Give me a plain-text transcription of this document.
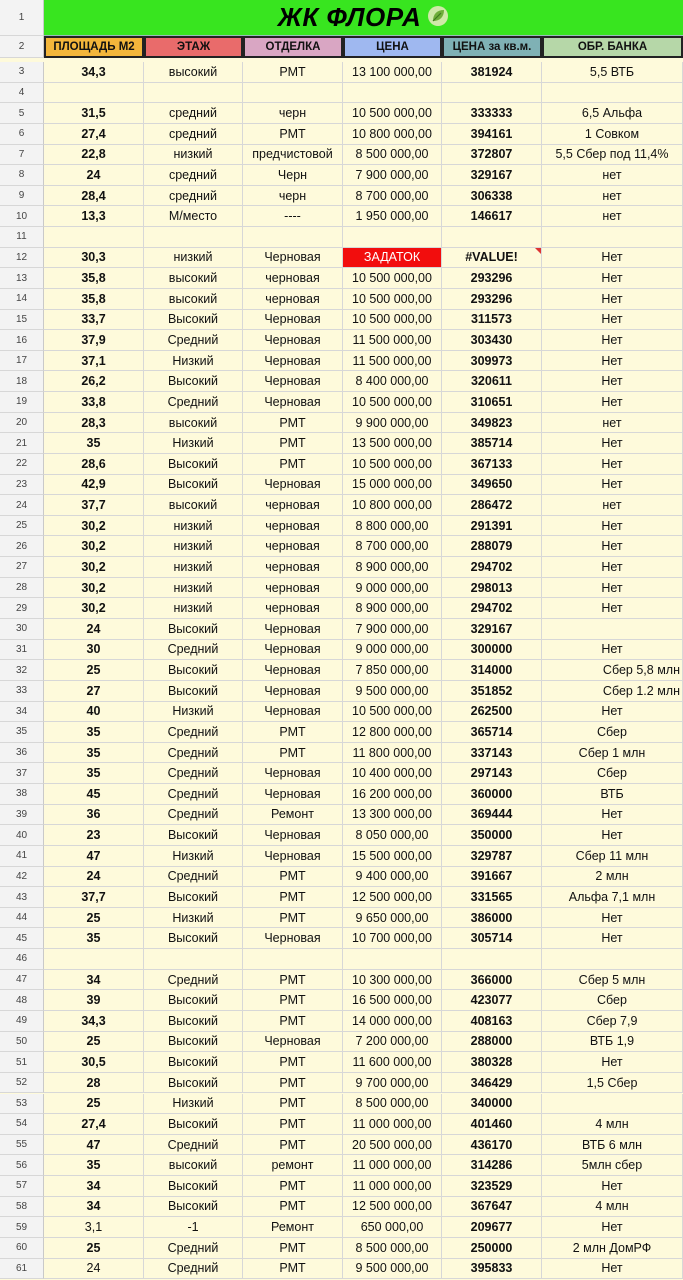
1	ЖК ФЛОРА
2	ПЛОЩАДЬ М2	ЭТАЖ	ОТДЕЛКА	ЦЕНА	ЦЕНА за кв.м.	ОБР. БАНКА
3	34,3	высокий	РМТ	13 100 000,00	381924	5,5 ВТБ
4
5	31,5	средний	черн	10 500 000,00	333333	6,5 Альфа
6	27,4	средний	РМТ	10 800 000,00	394161	1 Совком
7	22,8	низкий	предчистовой	8 500 000,00	372807	5,5 Сбер под 11,4%
8	24	средний	Черн	7 900 000,00	329167	нет
9	28,4	средний	черн	8 700 000,00	306338	нет
10	13,3	М/место	----	1 950 000,00	146617	нет
11
12	30,3	низкий	Черновая	ЗАДАТОК	#VALUE!	Нет
13	35,8	высокий	черновая	10 500 000,00	293296	Нет
14	35,8	высокий	черновая	10 500 000,00	293296	Нет
15	33,7	Высокий	Черновая	10 500 000,00	311573	Нет
16	37,9	Средний	Черновая	11 500 000,00	303430	Нет
17	37,1	Низкий	Черновая	11 500 000,00	309973	Нет
18	26,2	Высокий	Черновая	8 400 000,00	320611	Нет
19	33,8	Средний	Черновая	10 500 000,00	310651	Нет
20	28,3	высокий	РМТ	9 900 000,00	349823	нет
21	35	Низкий	РМТ	13 500 000,00	385714	Нет
22	28,6	Высокий	РМТ	10 500 000,00	367133	Нет
23	42,9	Высокий	Черновая	15 000 000,00	349650	Нет
24	37,7	высокий	черновая	10 800 000,00	286472	нет
25	30,2	низкий	черновая	8 800 000,00	291391	Нет
26	30,2	низкий	черновая	8 700 000,00	288079	Нет
27	30,2	низкий	черновая	8 900 000,00	294702	Нет
28	30,2	низкий	черновая	9 000 000,00	298013	Нет
29	30,2	низкий	черновая	8 900 000,00	294702	Нет
30	24	Высокий	Черновая	7 900 000,00	329167
31	30	Средний	Черновая	9 000 000,00	300000	Нет
32	25	Высокий	Черновая	7 850 000,00	314000	Сбер 5,8 млн
33	27	Высокий	Черновая	9 500 000,00	351852	Сбер 1.2 млн
34	40	Низкий	Черновая	10 500 000,00	262500	Нет
35	35	Средний	РМТ	12 800 000,00	365714	Сбер
36	35	Средний	РМТ	11 800 000,00	337143	Сбер 1 млн
37	35	Средний	Черновая	10 400 000,00	297143	Сбер
38	45	Средний	Черновая	16 200 000,00	360000	ВТБ
39	36	Средний	Ремонт	13 300 000,00	369444	Нет
40	23	Высокий	Черновая	8 050 000,00	350000	Нет
41	47	Низкий	Черновая	15 500 000,00	329787	Сбер 11 млн
42	24	Средний	РМТ	9 400 000,00	391667	2 млн
43	37,7	Высокий	РМТ	12 500 000,00	331565	Альфа 7,1 млн
44	25	Низкий	РМТ	9 650 000,00	386000	Нет
45	35	Высокий	Черновая	10 700 000,00	305714	Нет
46
47	34	Средний	РМТ	10 300 000,00	366000	Сбер 5 млн
48	39	Высокий	РМТ	16 500 000,00	423077	Сбер
49	34,3	Высокий	РМТ	14 000 000,00	408163	Сбер 7,9
50	25	Высокий	Черновая	7 200 000,00	288000	ВТБ 1,9
51	30,5	Высокий	РМТ	11 600 000,00	380328	Нет
52	28	Высокий	РМТ	9 700 000,00	346429	1,5 Сбер
53	25	Низкий	РМТ	8 500 000,00	340000
54	27,4	Высокий	РМТ	11 000 000,00	401460	4 млн
55	47	Средний	РМТ	20 500 000,00	436170	ВТБ 6 млн
56	35	высокий	ремонт	11 000 000,00	314286	5млн сбер
57	34	Высокий	РМТ	11 000 000,00	323529	Нет
58	34	Высокий	РМТ	12 500 000,00	367647	4 млн
59	3,1	-1	Ремонт	650 000,00	209677	Нет
60	25	Средний	РМТ	8 500 000,00	250000	2 млн ДомРФ
61	24	Средний	РМТ	9 500 000,00	395833	Нет
